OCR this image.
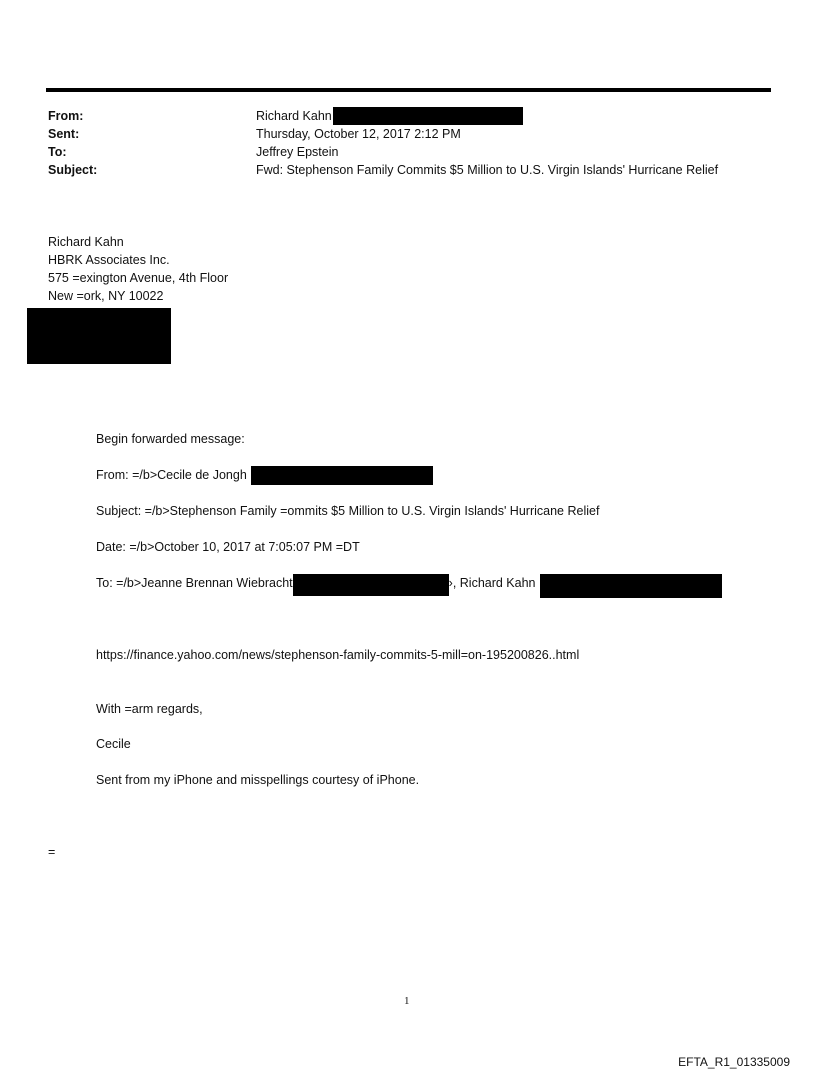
From:	Richard Kahn
Sent:	Thursday, October 12, 2017 2:12 PM
To:	Jeffrey Epstein
Subject:	Fwd: Stephenson Family Commits $5 Million to U.S. Virgin Islands' Hurricane Relief
Richard Kahn
HBRK Associates Inc.
575 =exington Avenue, 4th Floor
New =ork, NY 10022
Begin forwarded message:
From: =/b>Cecile de Jongh
Subject: =/b>Stephenson Family =ommits $5 Million to U.S. Virgin Islands' Hurricane Relief
Date: =/b>October 10, 2017 at 7:05:07 PM =DT
To: =/b>Jeanne Brennan Wiebracht	›, Richard Kahn
https://finance.yahoo.com/news/stephenson-family-commits-5-mill=on-195200826..html
With =arm regards,
Cecile
Sent from my iPhone and misspellings courtesy of iPhone.
=
1
EFTA_R1_01335009
